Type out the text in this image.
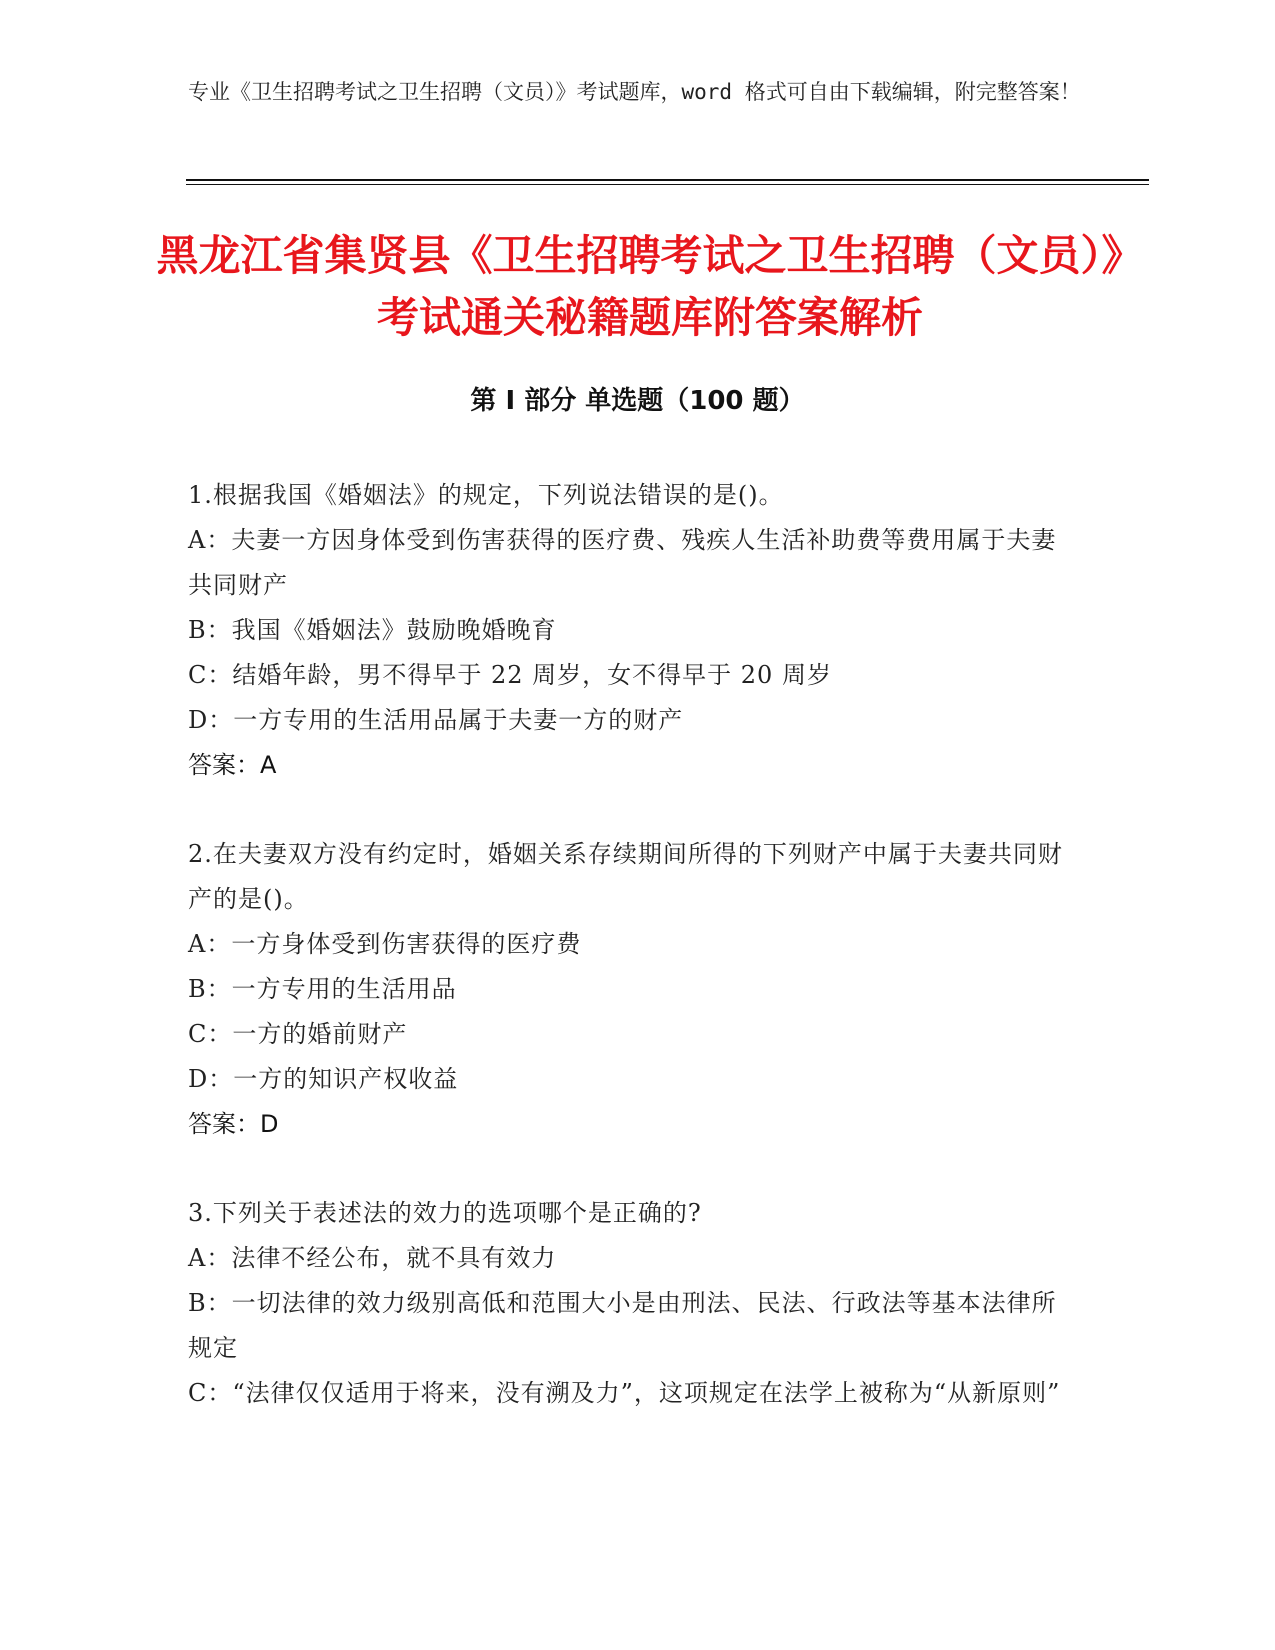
专业《卫生招聘考试之卫生招聘（文员）》考试题库，word 格式可自由下载编辑，附完整答案！
黑龙江省集贤县《卫生招聘考试之卫生招聘（文员）》考试通关秘籍题库附答案解析
第 I 部分 单选题（100 题）
1.根据我国《婚姻法》的规定，下列说法错误的是()。
A：夫妻一方因身体受到伤害获得的医疗费、残疾人生活补助费等费用属于夫妻共同财产
B：我国《婚姻法》鼓励晚婚晚育
C：结婚年龄，男不得早于 22 周岁，女不得早于 20 周岁
D：一方专用的生活用品属于夫妻一方的财产
答案：A
2.在夫妻双方没有约定时，婚姻关系存续期间所得的下列财产中属于夫妻共同财产的是()。
A：一方身体受到伤害获得的医疗费
B：一方专用的生活用品
C：一方的婚前财产
D：一方的知识产权收益
答案：D
3.下列关于表述法的效力的选项哪个是正确的?
A：法律不经公布，就不具有效力
B：一切法律的效力级别高低和范围大小是由刑法、民法、行政法等基本法律所规定
C：“法律仅仅适用于将来，没有溯及力”，这项规定在法学上被称为“从新原则”
